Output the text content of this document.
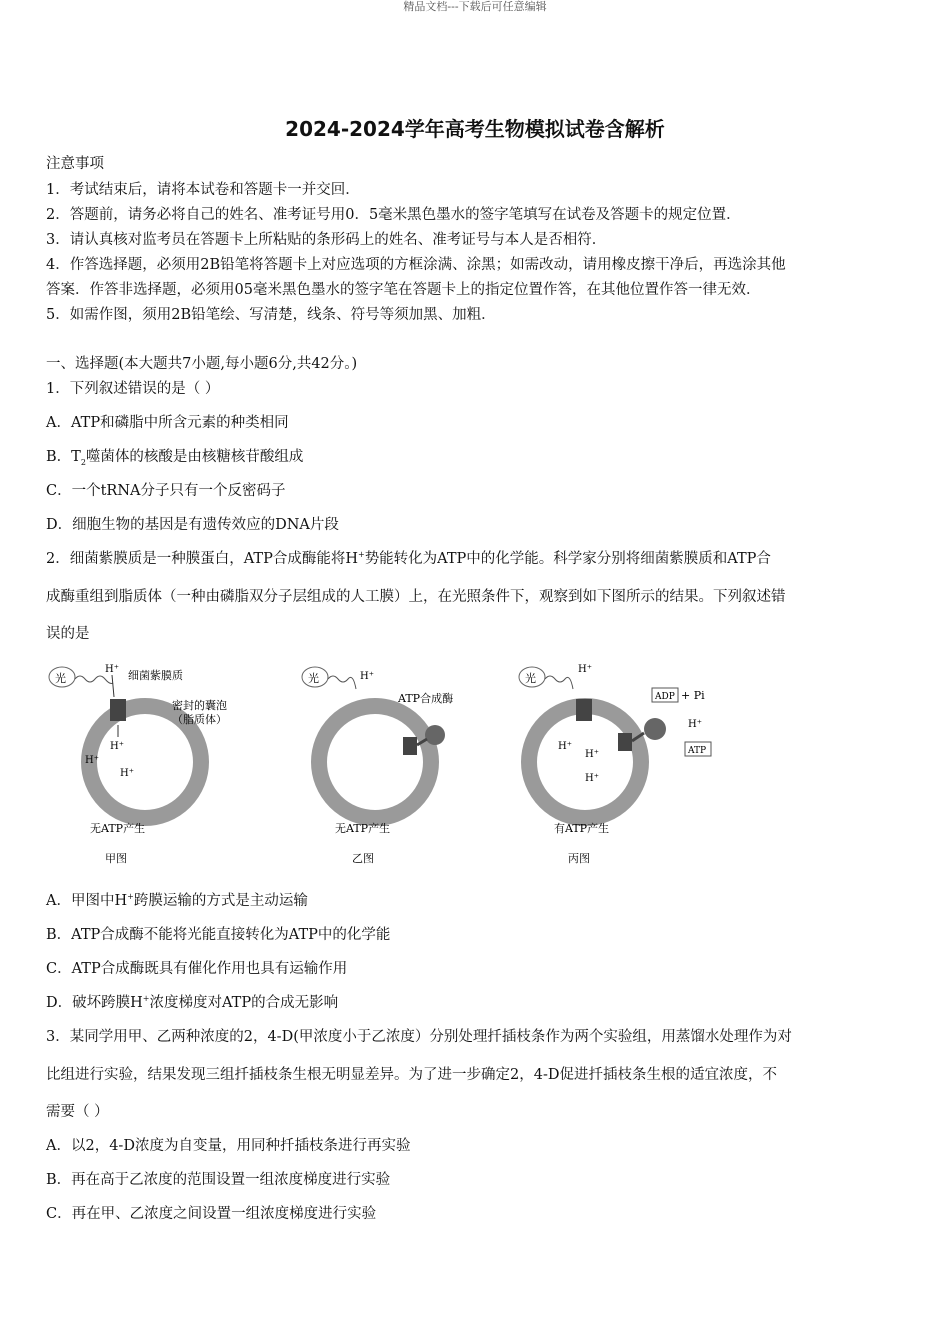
精品文档---下载后可任意编辑
2024-2024学年高考生物模拟试卷含解析
注意事项
1．考试结束后，请将本试卷和答题卡一并交回．
2．答题前，请务必将自己的姓名、准考证号用0．5毫米黑色墨水的签字笔填写在试卷及答题卡的规定位置．
3．请认真核对监考员在答题卡上所粘贴的条形码上的姓名、准考证号与本人是否相符．
4．作答选择题，必须用2B铅笔将答题卡上对应选项的方框涂满、涂黑；如需改动，请用橡皮擦干净后，再选涂其他
答案．作答非选择题，必须用05毫米黑色墨水的签字笔在答题卡上的指定位置作答，在其他位置作答一律无效．
5．如需作图，须用2B铅笔绘、写清楚，线条、符号等须加黑、加粗．
一、选择题(本大题共7小题,每小题6分,共42分。)
1．下列叙述错误的是（ ）
A．ATP和磷脂中所含元素的种类相同
B．$T_2$噬菌体的核酸是由核糖核苷酸组成
C．一个tRNA分子只有一个反密码子
D．细胞生物的基因是有遗传效应的DNA片段
2．细菌紫膜质是一种膜蛋白，ATP合成酶能将H+势能转化为ATP中的化学能。科学家分别将细菌紫膜质和ATP合
成酶重组到脂质体（一种由磷脂双分子层组成的人工膜）上，在光照条件下，观察到如下图所示的结果。下列叙述错
误的是
光
H⁺ 细菌紫膜质
密封的囊泡
（脂质体）
H⁺
H⁺
H⁺
无ATP产生
甲图
光	H⁺
ATP合成酶
无ATP产生
乙图
光
H⁺
ADP + Pi
H⁺
ATP
H⁺
H⁺
H⁺
有ATP产生
丙图
A．甲图中H+跨膜运输的方式是主动运输
B．ATP合成酶不能将光能直接转化为ATP中的化学能
C．ATP合成酶既具有催化作用也具有运输作用
D．破坏跨膜H+浓度梯度对ATP的合成无影响
3．某同学用甲、乙两种浓度的2，4-D(甲浓度小于乙浓度）分别处理扦插枝条作为两个实验组，用蒸馏水处理作为对
比组进行实验，结果发现三组扦插枝条生根无明显差异。为了进一步确定2，4-D促进扦插枝条生根的适宜浓度，不
需要（ ）
A．以2，4-D浓度为自变量，用同种扦插枝条进行再实验
B．再在高于乙浓度的范围设置一组浓度梯度进行实验
C．再在甲、乙浓度之间设置一组浓度梯度进行实验
